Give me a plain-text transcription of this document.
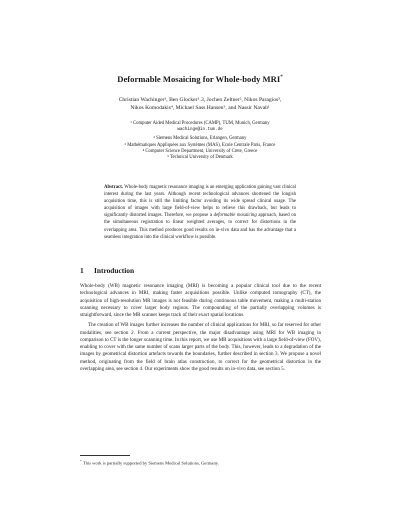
Deformable Mosaicing for Whole-body MRI*
Christian Wachinger¹, Ben Glocker¹˒3, Jochen Zeltner², Nikos Paragios³,
Nikos Komodakis⁴, Michael Sass Hansen⁵, and Nassir Navab¹
¹ Computer Aided Medical Procedures (CAMP), TUM, Munich, Germany
wachinge@in.tum.de
² Siemens Medical Solutions, Erlangen, Germany
³ Mathématiques Appliquées aux Systèmes (MAS), Ecole Centrale Paris, France
⁴ Computer Science Department, University of Crete, Greece
⁵ Technical University of Denmark
Abstract. Whole-body magnetic resonance imaging is an emerging application gaining vast clinical interest during the last years. Although recent technological advances shortened the longish acquisition time, this is still the limiting factor avoiding its wide spread clinical usage. The acquisition of images with large field-of-view helps to relieve this drawback, but leads to significantly distorted images. Therefore, we propose a deformable mosaicing approach, based on the simultaneous registration to linear weighted averages, to correct for distortions in the overlapping area. This method produces good results on in-vivo data and has the advantage that a seamless integration into the clinical workflow is possible.
1 Introduction

Whole-body (WB) magnetic resonance imaging (MRI) is becoming a popular clinical tool due to the recent technological advances in MRI, making faster acquisitions possible. Unlike computed tomography (CT), the acquisition of high-resolution MR images is not feasible during continuous table movement, making a multi-station scanning necessary to cover larger body regions. The compounding of the partially overlapping volumes is straightforward, since the MR scanner keeps track of their exact spatial locations.

The creation of WB images further increases the number of clinical applications for MRI, so far reserved for other modalities, see section 2. From a current perspective, the major disadvantage using MRI for WB imaging in comparison to CT is the longer scanning time. In this report, we use MR acquisitions with a large field-of-view (FOV), enabling to cover with the same number of scans larger parts of the body. This, however, leads to a degradation of the images by geometrical distortion artefacts towards the boundaries, further described in section 3. We propose a novel method, originating from the field of brain atlas construction, to correct for the geometrical distortion in the overlapping area, see section 4. Our experiments show the good results on in-vivo data, see section 5.

* This work is partially supported by Siemens Medical Solutions, Germany.
